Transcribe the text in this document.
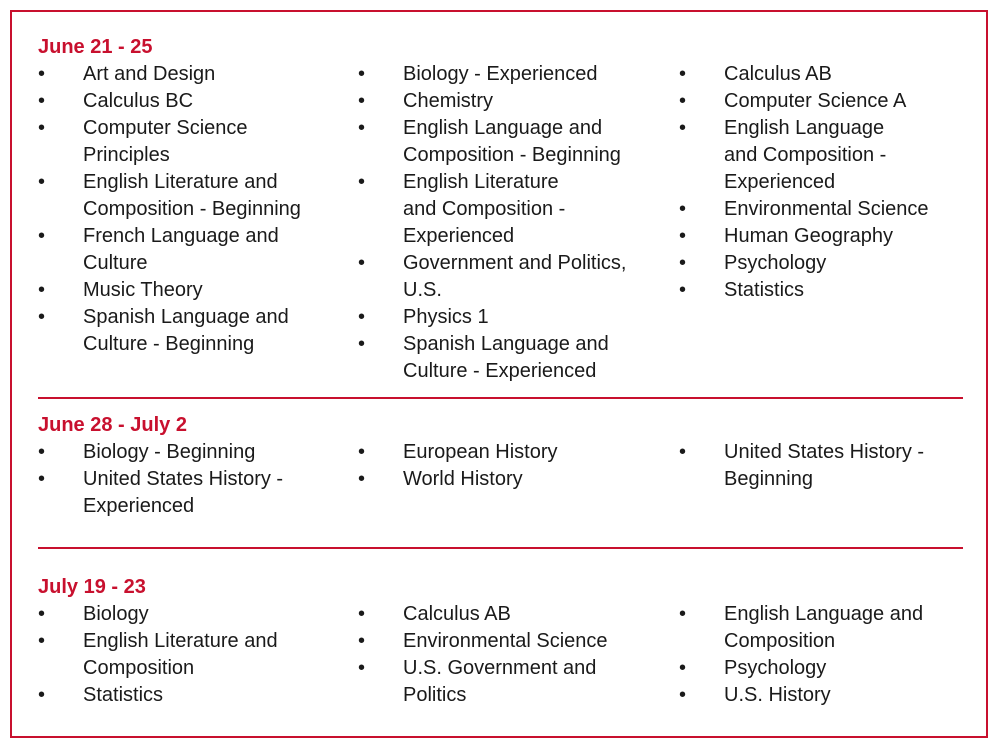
June 21 - 25
• Art and Design
• Calculus BC
• Computer Science
Principles
• English Literature and
Composition - Beginning
• French Language and
Culture
• Music Theory
• Spanish Language and
Culture - Beginning
• Biology - Experienced
• Chemistry
• English Language and
Composition - Beginning
• English Literature
and Composition -
Experienced
• Government and Politics,
U.S.
• Physics 1
• Spanish Language and
Culture - Experienced
• Calculus AB
• Computer Science A
• English Language
and Composition -
Experienced
• Environmental Science
• Human Geography
• Psychology
• Statistics
June 28 - July 2
• Biology - Beginning
• United States History -
Experienced
• European History
• World History
• United States History -
Beginning
July 19 - 23
• Biology
• English Literature and
Composition
• Statistics
• Calculus AB
• Environmental Science
• U.S. Government and
Politics
• English Language and
Composition
• Psychology
• U.S. History
